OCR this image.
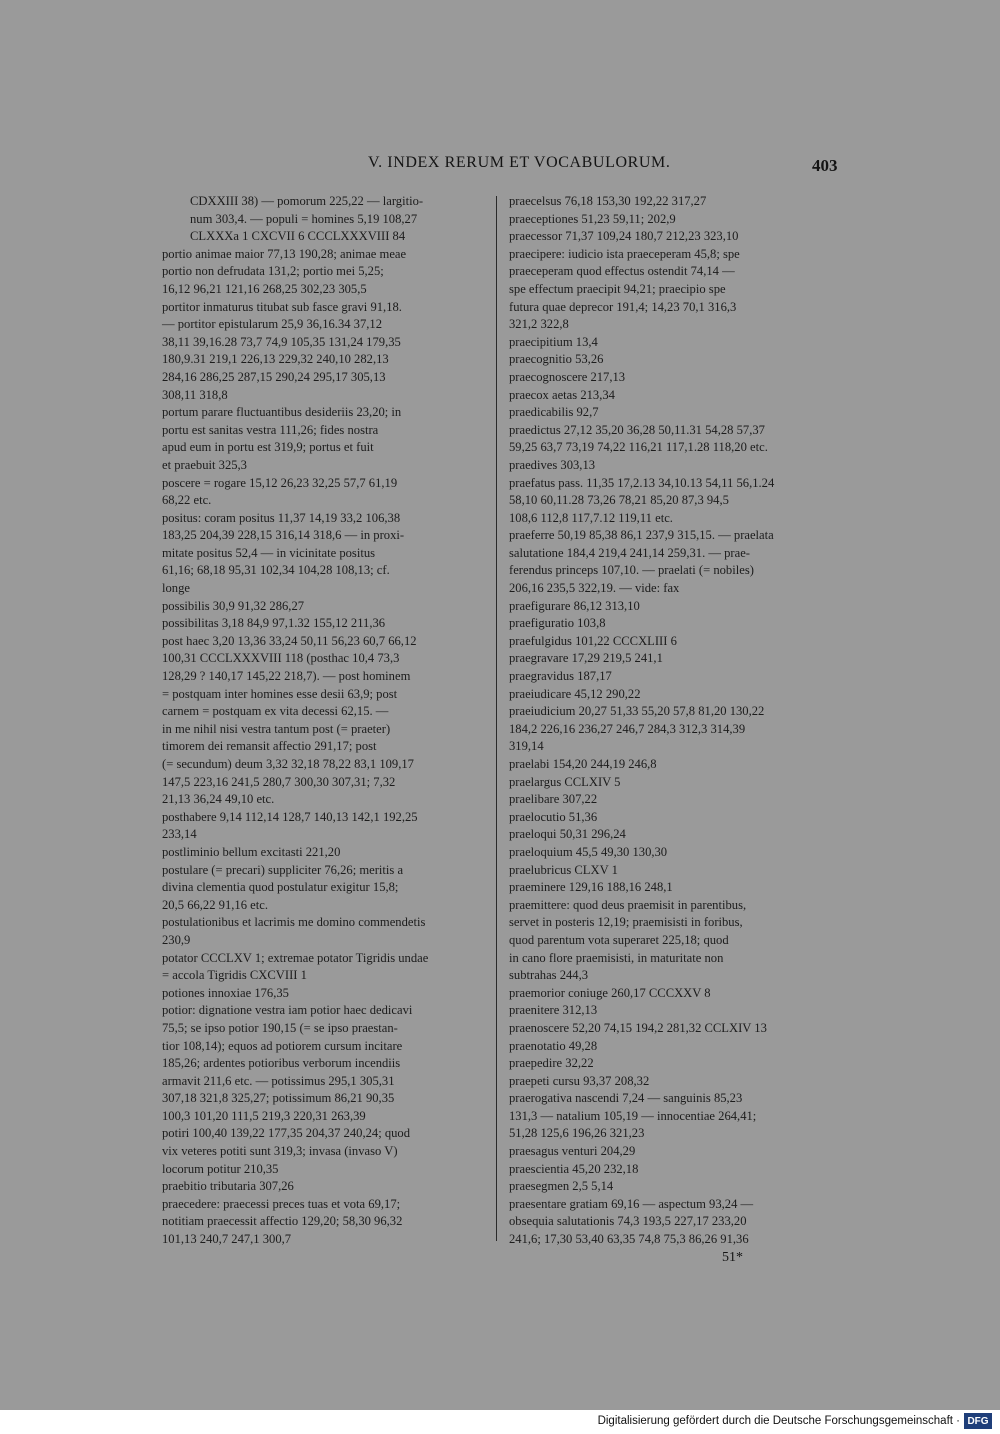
V. INDEX RERUM ET VOCABULORUM.	403
CDXXIII 38) — pomorum 225,22 — largitio-
num 303,4. — populi = homines 5,19 108,27
CLXXXa 1 CXCVII 6 CCCLXXXVIII 84
portio animae maior 77,13 190,28; animae meae
portio non defrudata 131,2; portio mei 5,25;
16,12 96,21 121,16 268,25 302,23 305,5
portitor inmaturus titubat sub fasce gravi 91,18.
— portitor epistularum 25,9 36,16.34 37,12
38,11 39,16.28 73,7 74,9 105,35 131,24 179,35
180,9.31 219,1 226,13 229,32 240,10 282,13
284,16 286,25 287,15 290,24 295,17 305,13
308,11 318,8
portum parare fluctuantibus desideriis 23,20; in
portu est sanitas vestra 111,26; fides nostra
apud eum in portu est 319,9; portus et fuit
et praebuit 325,3
poscere = rogare 15,12 26,23 32,25 57,7 61,19
68,22 etc.
positus: coram positus 11,37 14,19 33,2 106,38
183,25 204,39 228,15 316,14 318,6 — in proxi-
mitate positus 52,4 — in vicinitate positus
61,16; 68,18 95,31 102,34 104,28 108,13; cf.
longe
possibilis 30,9 91,32 286,27
possibilitas 3,18 84,9 97,1.32 155,12 211,36
post haec 3,20 13,36 33,24 50,11 56,23 60,7 66,12
100,31 CCCLXXXVIII 118 (posthac 10,4 73,3
128,29 ? 140,17 145,22 218,7). — post hominem
= postquam inter homines esse desii 63,9; post
carnem = postquam ex vita decessi 62,15. —
in me nihil nisi vestra tantum post (= praeter)
timorem dei remansit affectio 291,17; post
(= secundum) deum 3,32 32,18 78,22 83,1 109,17
147,5 223,16 241,5 280,7 300,30 307,31; 7,32
21,13 36,24 49,10 etc.
posthabere 9,14 112,14 128,7 140,13 142,1 192,25
233,14
postliminio bellum excitasti 221,20
postulare (= precari) suppliciter 76,26; meritis a
divina clementia quod postulatur exigitur 15,8;
20,5 66,22 91,16 etc.
postulationibus et lacrimis me domino commendetis
230,9
potator CCCLXV 1; extremae potator Tigridis undae
= accola Tigridis CXCVIII 1
potiones innoxiae 176,35
potior: dignatione vestra iam potior haec dedicavi
75,5; se ipso potior 190,15 (= se ipso praestan-
tior 108,14); equos ad potiorem cursum incitare
185,26; ardentes potioribus verborum incendiis
armavit 211,6 etc. — potissimus 295,1 305,31
307,18 321,8 325,27; potissimum 86,21 90,35
100,3 101,20 111,5 219,3 220,31 263,39
potiri 100,40 139,22 177,35 204,37 240,24; quod
vix veteres potiti sunt 319,3; invasa (invaso V)
locorum potitur 210,35
praebitio tributaria 307,26
praecedere: praecessi preces tuas et vota 69,17;
notitiam praecessit affectio 129,20; 58,30 96,32
101,13 240,7 247,1 300,7
praecelsus 76,18 153,30 192,22 317,27
praeceptiones 51,23 59,11; 202,9
praecessor 71,37 109,24 180,7 212,23 323,10
praecipere: iudicio ista praeceperam 45,8; spe
praeceperam quod effectus ostendit 74,14 —
spe effectum praecipit 94,21; praecipio spe
futura quae deprecor 191,4; 14,23 70,1 316,3
321,2 322,8
praecipitium 13,4
praecognitio 53,26
praecognoscere 217,13
praecox aetas 213,34
praedicabilis 92,7
praedictus 27,12 35,20 36,28 50,11.31 54,28 57,37
59,25 63,7 73,19 74,22 116,21 117,1.28 118,20 etc.
praedives 303,13
praefatus pass. 11,35 17,2.13 34,10.13 54,11 56,1.24
58,10 60,11.28 73,26 78,21 85,20 87,3 94,5
108,6 112,8 117,7.12 119,11 etc.
praeferre 50,19 85,38 86,1 237,9 315,15. — praelata
salutatione 184,4 219,4 241,14 259,31. — prae-
ferendus princeps 107,10. — praelati (= nobiles)
206,16 235,5 322,19. — vide: fax
praefigurare 86,12 313,10
praefiguratio 103,8
praefulgidus 101,22 CCCXLIII 6
praegravare 17,29 219,5 241,1
praegravidus 187,17
praeiudicare 45,12 290,22
praeiudicium 20,27 51,33 55,20 57,8 81,20 130,22
184,2 226,16 236,27 246,7 284,3 312,3 314,39
319,14
praelabi 154,20 244,19 246,8
praelargus CCLXIV 5
praelibare 307,22
praelocutio 51,36
praeloqui 50,31 296,24
praeloquium 45,5 49,30 130,30
praelubricus CLXV 1
praeminere 129,16 188,16 248,1
praemittere: quod deus praemisit in parentibus,
servet in posteris 12,19; praemisisti in foribus,
quod parentum vota superaret 225,18; quod
in cano flore praemisisti, in maturitate non
subtrahas 244,3
praemorior coniuge 260,17 CCCXXV 8
praenitere 312,13
praenoscere 52,20 74,15 194,2 281,32 CCLXIV 13
praenotatio 49,28
praepedire 32,22
praepeti cursu 93,37 208,32
praerogativa nascendi 7,24 — sanguinis 85,23
131,3 — natalium 105,19 — innocentiae 264,41;
51,28 125,6 196,26 321,23
praesagus venturi 204,29
praescientia 45,20 232,18
praesegmen 2,5 5,14
praesentare gratiam 69,16 — aspectum 93,24 —
obsequia salutationis 74,3 193,5 227,17 233,20
241,6; 17,30 53,40 63,35 74,8 75,3 86,26 91,36
51*
Digitalisierung gefördert durch die Deutsche Forschungsgemeinschaft · DFG
